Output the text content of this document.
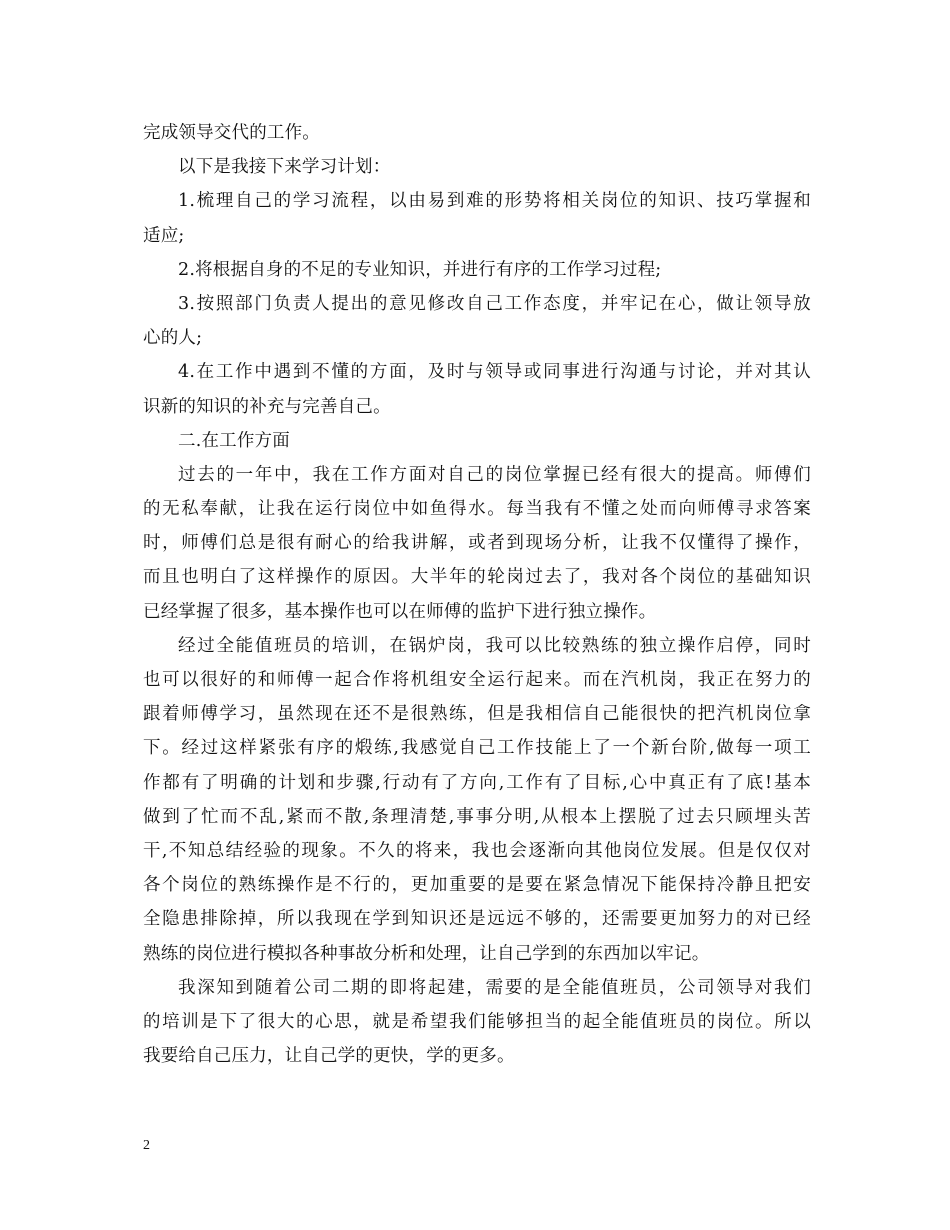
完成领导交代的工作。
以下是我接下来学习计划：
1.梳理自己的学习流程，以由易到难的形势将相关岗位的知识、技巧掌握和
适应;
2.将根据自身的不足的专业知识，并进行有序的工作学习过程;
3.按照部门负责人提出的意见修改自己工作态度，并牢记在心，做让领导放
心的人;
4.在工作中遇到不懂的方面，及时与领导或同事进行沟通与讨论，并对其认
识新的知识的补充与完善自己。
二.在工作方面
过去的一年中，我在工作方面对自己的岗位掌握已经有很大的提高。师傅们
的无私奉献，让我在运行岗位中如鱼得水。每当我有不懂之处而向师傅寻求答案
时，师傅们总是很有耐心的给我讲解，或者到现场分析，让我不仅懂得了操作，
而且也明白了这样操作的原因。大半年的轮岗过去了，我对各个岗位的基础知识
已经掌握了很多，基本操作也可以在师傅的监护下进行独立操作。
经过全能值班员的培训，在锅炉岗，我可以比较熟练的独立操作启停，同时
也可以很好的和师傅一起合作将机组安全运行起来。而在汽机岗，我正在努力的
跟着师傅学习，虽然现在还不是很熟练，但是我相信自己能很快的把汽机岗位拿
下。经过这样紧张有序的煅练,我感觉自己工作技能上了一个新台阶,做每一项工
作都有了明确的计划和步骤,行动有了方向,工作有了目标,心中真正有了底!基本
做到了忙而不乱,紧而不散,条理清楚,事事分明,从根本上摆脱了过去只顾埋头苦
干,不知总结经验的现象。不久的将来，我也会逐渐向其他岗位发展。但是仅仅对
各个岗位的熟练操作是不行的，更加重要的是要在紧急情况下能保持冷静且把安
全隐患排除掉，所以我现在学到知识还是远远不够的，还需要更加努力的对已经
熟练的岗位进行模拟各种事故分析和处理，让自己学到的东西加以牢记。
我深知到随着公司二期的即将起建，需要的是全能值班员，公司领导对我们
的培训是下了很大的心思，就是希望我们能够担当的起全能值班员的岗位。所以
我要给自己压力，让自己学的更快，学的更多。
2
